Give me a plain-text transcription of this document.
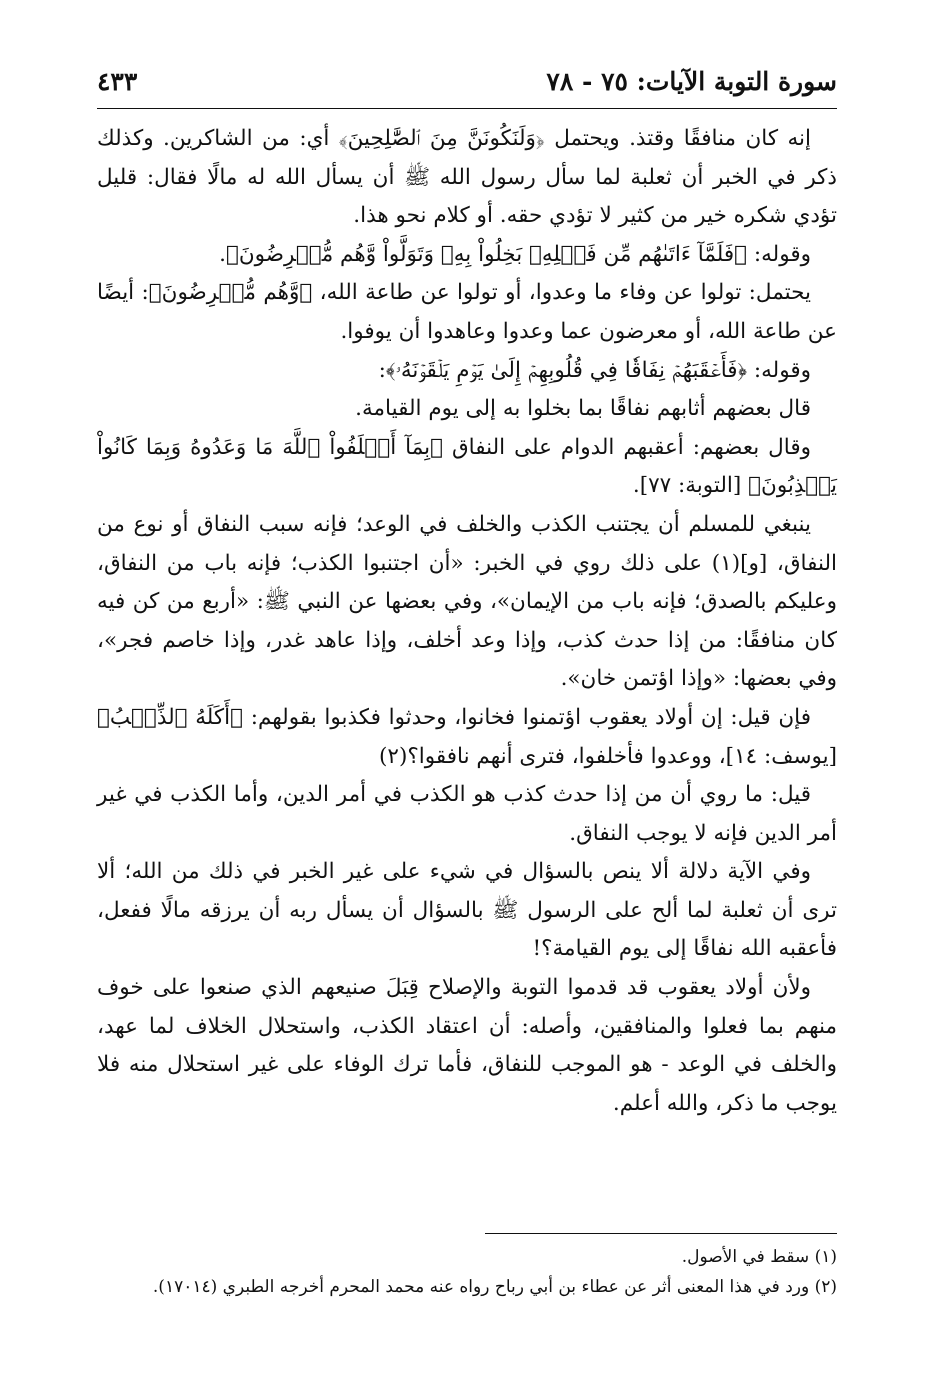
سورة التوبة الآيات: ٧٥ - ٧٨
٤٣٣

إنه كان منافقًا وقتذ. ويحتمل ﴿وَلَنَكُونَنَّ مِنَ ٱلصَّٰلِحِينَ﴾ أي: من الشاكرين. وكذلك ذكر في الخبر أن ثعلبة لما سأل رسول الله ﷺ أن يسأل الله له مالًا فقال: قليل تؤدي شكره خير من كثير لا تؤدي حقه. أو كلام نحو هذا.

وقوله: ﴿فَلَمَّآ ءَاتَىٰهُم مِّن فَضۡلِهِۦ بَخِلُواْ بِهِۦ وَتَوَلَّواْ وَّهُم مُّعۡرِضُونَ﴾.

يحتمل: تولوا عن وفاء ما وعدوا، أو تولوا عن طاعة الله، ﴿وَّهُم مُّعۡرِضُونَ﴾: أيضًا عن طاعة الله، أو معرضون عما وعدوا وعاهدوا أن يوفوا.

وقوله: ﴿فَأَعۡقَبَهُمۡ نِفَاقٗا فِي قُلُوبِهِمۡ إِلَىٰ يَوۡمِ يَلۡقَوۡنَهُۥ﴾:

قال بعضهم أثابهم نفاقًا بما بخلوا به إلى يوم القيامة.

وقال بعضهم: أعقبهم الدوام على النفاق ﴿بِمَآ أَخۡلَفُواْ ٱللَّهَ مَا وَعَدُوهُ وَبِمَا كَانُواْ يَكۡذِبُونَ﴾ [التوبة: ٧٧].

ينبغي للمسلم أن يجتنب الكذب والخلف في الوعد؛ فإنه سبب النفاق أو نوع من النفاق، [و](١) على ذلك روي في الخبر: «أن اجتنبوا الكذب؛ فإنه باب من النفاق، وعليكم بالصدق؛ فإنه باب من الإيمان»، وفي بعضها عن النبي ﷺ: «أربع من كن فيه كان منافقًا: من إذا حدث كذب، وإذا وعد أخلف، وإذا عاهد غدر، وإذا خاصم فجر»، وفي بعضها: «وإذا اؤتمن خان».

فإن قيل: إن أولاد يعقوب اؤتمنوا فخانوا، وحدثوا فكذبوا بقولهم: ﴿أَكَلَهُ ٱلذِّئۡبُ﴾ [يوسف: ١٤]، ووعدوا فأخلفوا، فترى أنهم نافقوا؟(٢)

قيل: ما روي أن من إذا حدث كذب هو الكذب في أمر الدين، وأما الكذب في غير أمر الدين فإنه لا يوجب النفاق.

وفي الآية دلالة ألا ينص بالسؤال في شيء على غير الخبر في ذلك من الله؛ ألا ترى أن ثعلبة لما ألح على الرسول ﷺ بالسؤال أن يسأل ربه أن يرزقه مالًا ففعل، فأعقبه الله نفاقًا إلى يوم القيامة؟!

ولأن أولاد يعقوب قد قدموا التوبة والإصلاح قِبَلَ صنيعهم الذي صنعوا على خوف منهم بما فعلوا والمنافقين، وأصله: أن اعتقاد الكذب، واستحلال الخلاف لما عهد، والخلف في الوعد - هو الموجب للنفاق، فأما ترك الوفاء على غير استحلال منه فلا يوجب ما ذكر، والله أعلم.

(١) سقط في الأصول.

(٢) ورد في هذا المعنى أثر عن عطاء بن أبي رباح رواه عنه محمد المحرم أخرجه الطبري (١٧٠١٤).
